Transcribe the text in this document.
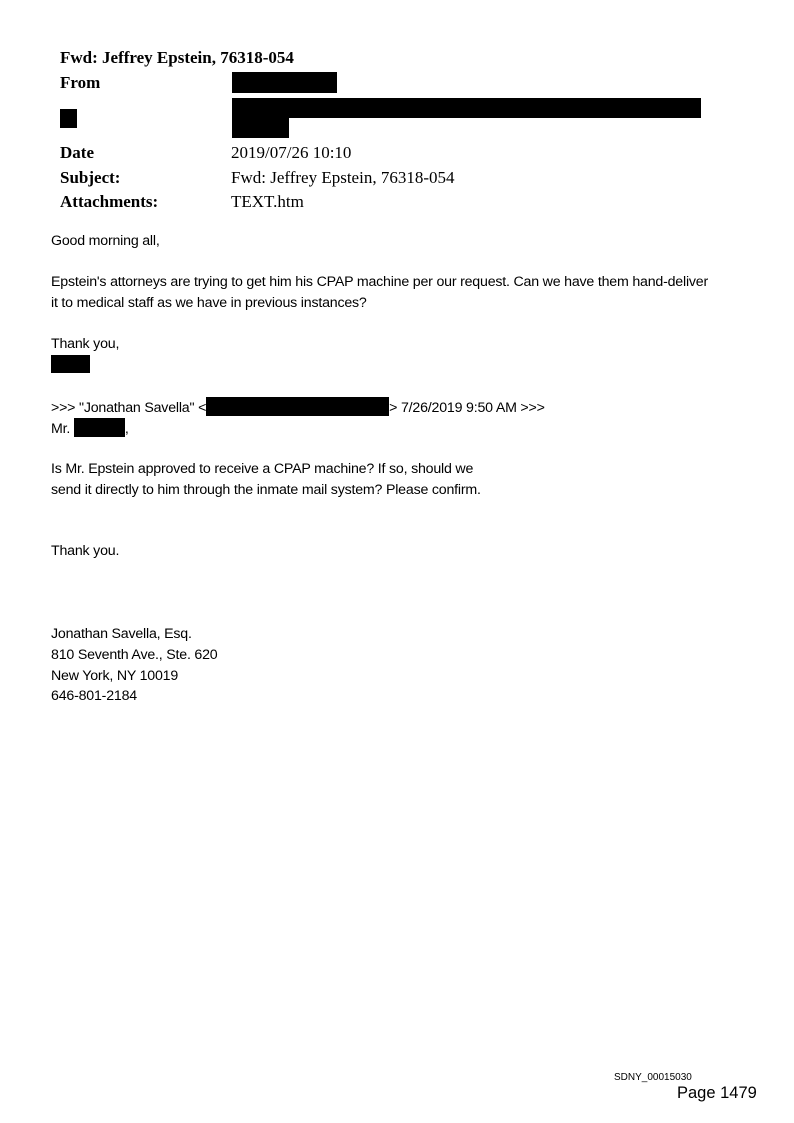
Fwd: Jeffrey Epstein, 76318-054
From
Date	2019/07/26 10:10
Subject:	Fwd: Jeffrey Epstein, 76318-054
Attachments:	TEXT.htm
Good morning all,
Epstein's attorneys are trying to get him his CPAP machine per our request. Can we have them hand-deliver
it to medical staff as we have in previous instances?
Thank you,
>>> "Jonathan Savella" <	> 7/26/2019 9:50 AM >>>
Mr.	,
Is Mr. Epstein approved to receive a CPAP machine? If so, should we
send it directly to him through the inmate mail system? Please confirm.
Thank you.
Jonathan Savella, Esq.
810 Seventh Ave., Ste. 620
New York, NY 10019
646-801-2184
SDNY_00015030
Page 1479
